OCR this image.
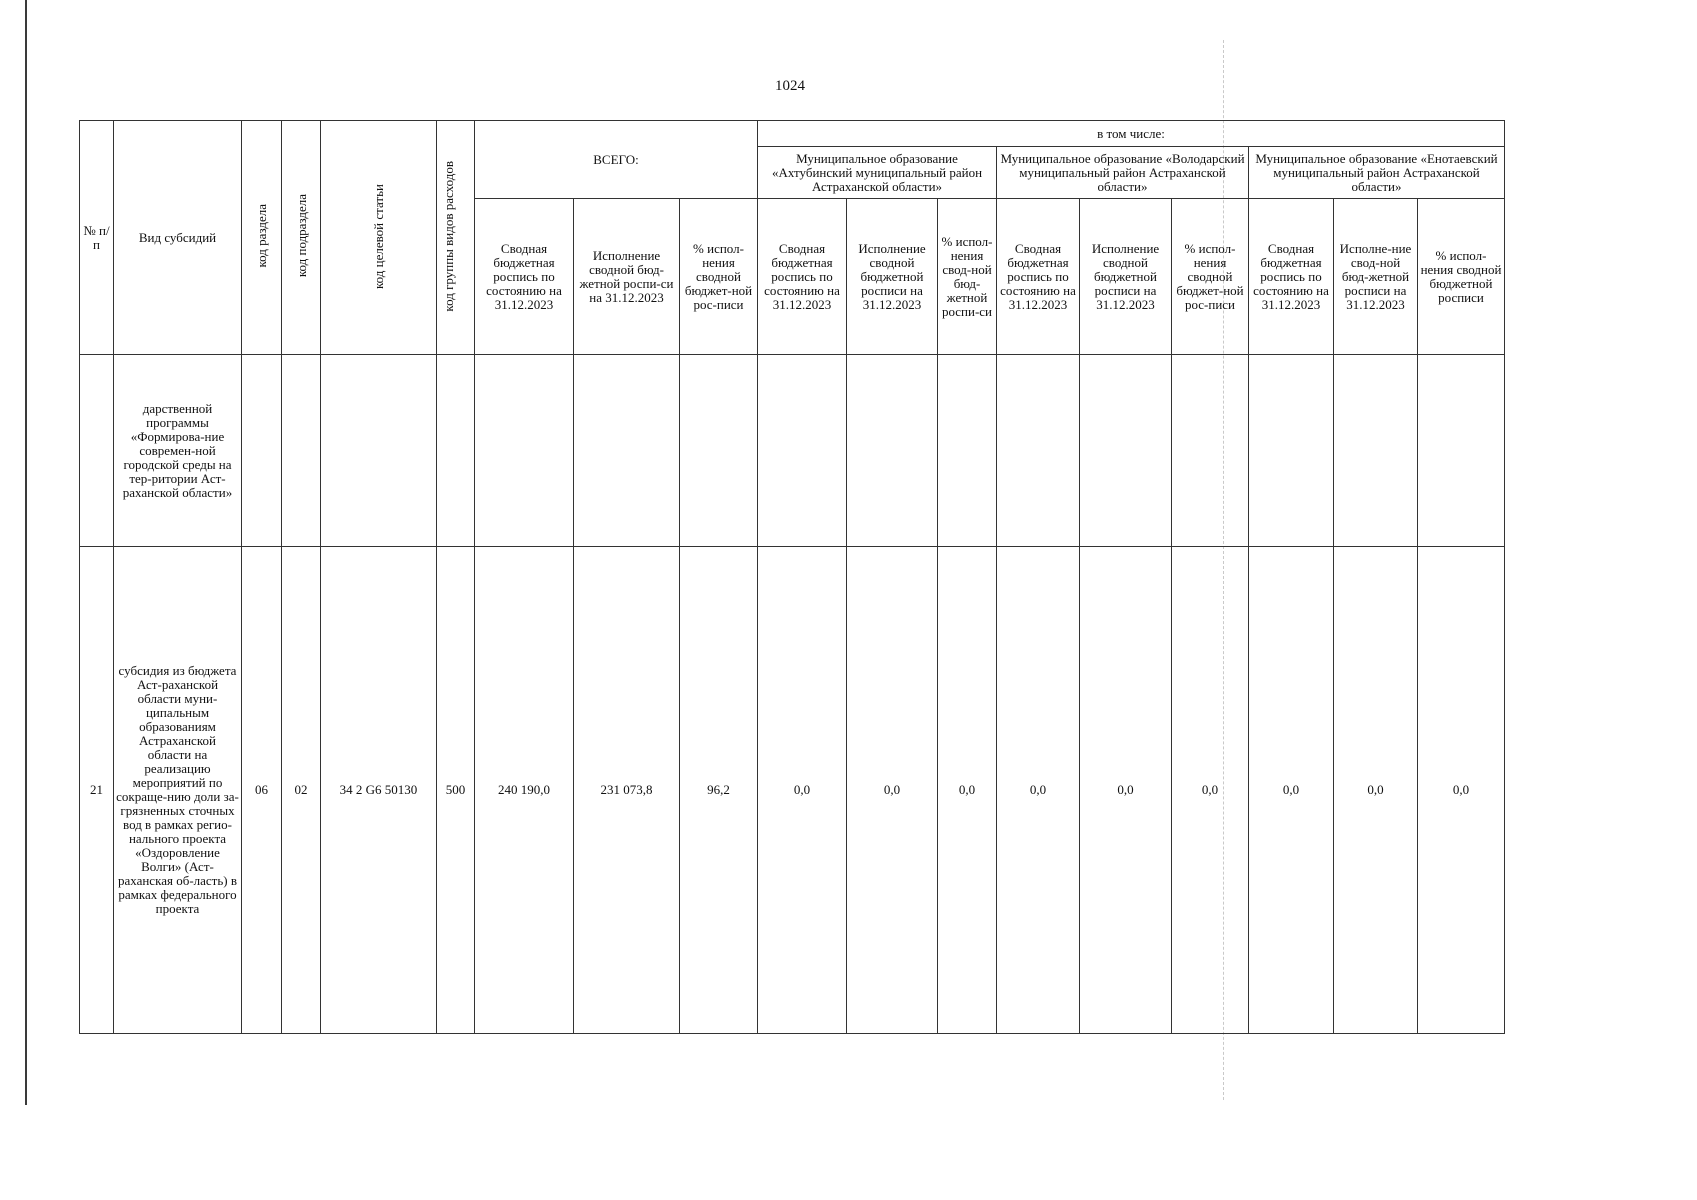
1024
№ п/п	Вид субсидий	код раздела	код подраздела	код целевой статьи	код группы видов расходов	ВСЕГО:			в том числе:								
									Муниципальное образование «Ахтубинский муниципальный район Астраханской области»			Муниципальное образование «Володарский муниципальный район Астраханской области»			Муниципальное образование «Енотаевский муниципальный район Астраханской области»		
						Сводная бюджетная роспись по состоянию на 31.12.2023	Исполнение сводной бюд-жетной роспи-си на 31.12.2023	% испол-нения сводной бюджет-ной рос-писи	Сводная бюджетная роспись по состоянию на 31.12.2023	Исполнение сводной бюджетной росписи на 31.12.2023	% испол-нения свод-ной бюд-жетной роспи-си	Сводная бюджетная роспись по состоянию на 31.12.2023	Исполнение сводной бюджетной росписи на 31.12.2023	% испол-нения сводной бюджет-ной рос-писи	Сводная бюджетная роспись по состоянию на 31.12.2023	Исполне-ние свод-ной бюд-жетной росписи на 31.12.2023	% испол-нения сводной бюджетной росписи
	дарственной программы «Формирова-ние современ-ной городской среды на тер-ритории Аст-раханской области»																
21	субсидия из бюджета Аст-раханской области муни-ципальным образованиям Астраханской области на реализацию мероприятий по сокраще-нию доли за-грязненных сточных вод в рамках регио-нального проекта «Оздоровление Волги» (Аст-раханская об-ласть) в рамках федерального проекта	06	02	34 2 G6 50130	500	240 190,0	231 073,8	96,2	0,0	0,0	0,0	0,0	0,0	0,0	0,0	0,0	0,0
